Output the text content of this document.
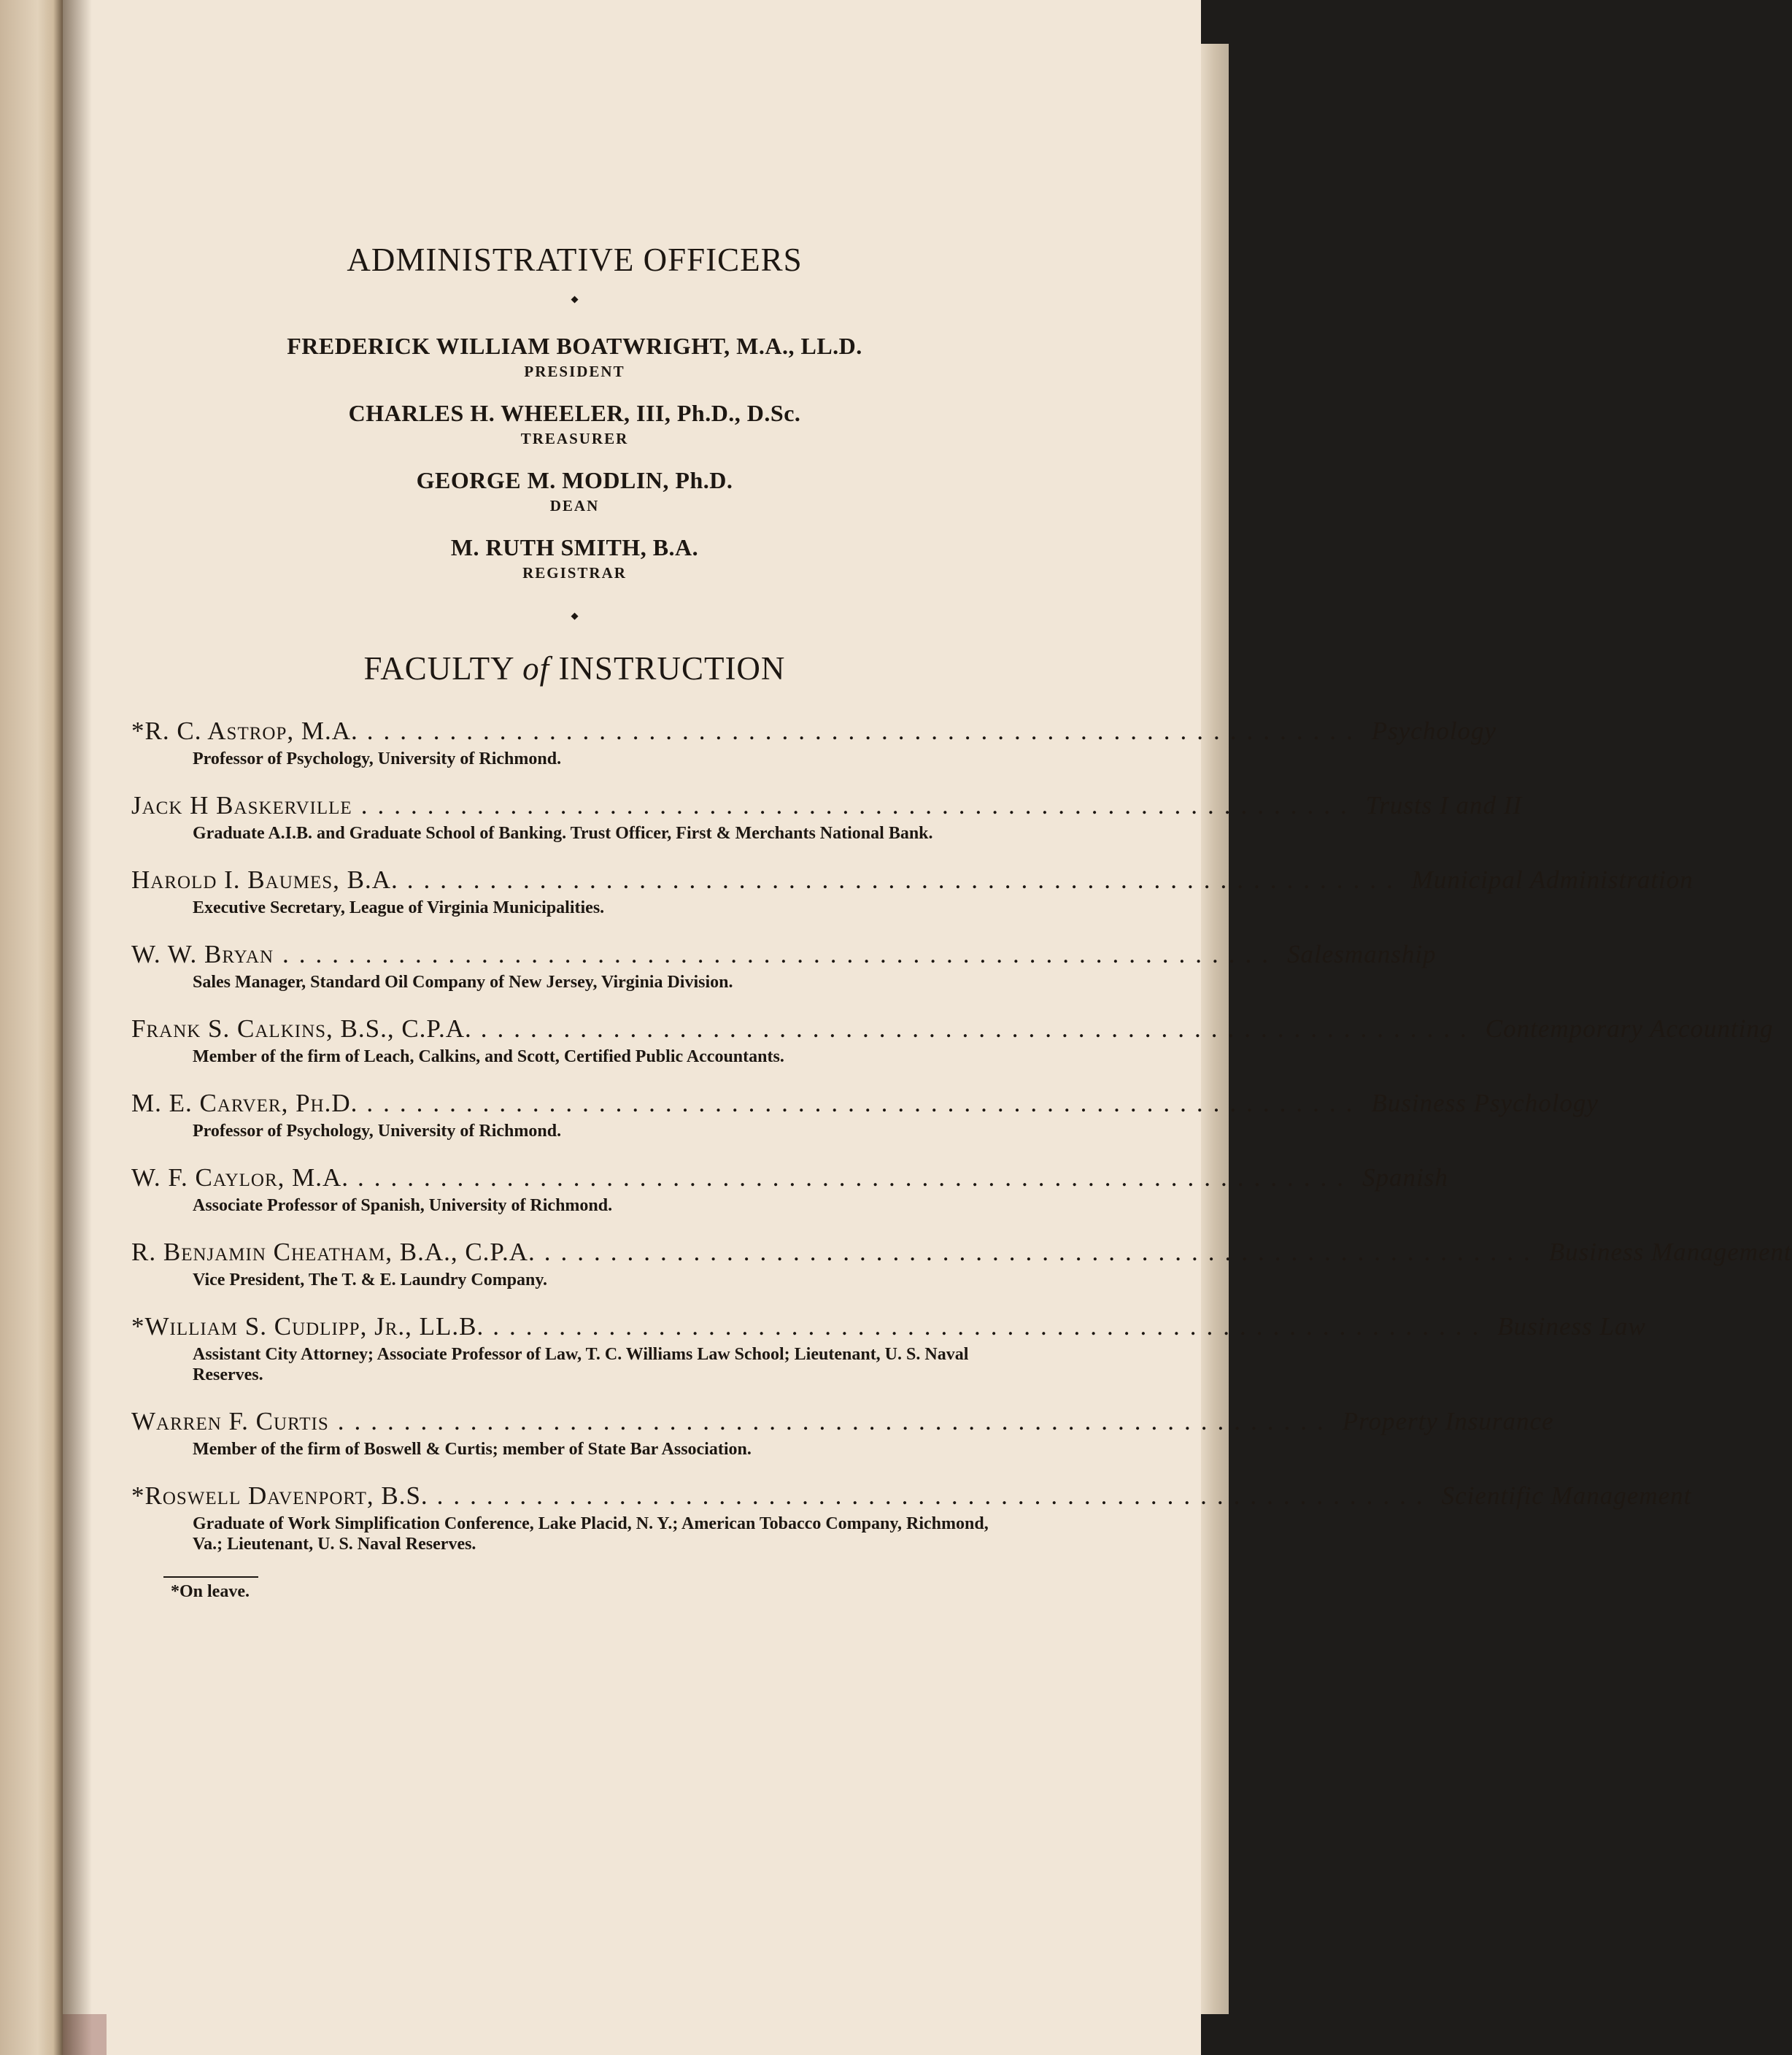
ADMINISTRATIVE OFFICERS
⬩
FREDERICK WILLIAM BOATWRIGHT, M.A., LL.D.
PRESIDENT
CHARLES H. WHEELER, III, Ph.D., D.Sc.
TREASURER
GEORGE M. MODLIN, Ph.D.
DEAN
M. RUTH SMITH, B.A.
REGISTRAR
⬩
FACULTY of INSTRUCTION
*R. C. Astrop, M.A. ............................................................ Psychology
Professor of Psychology, University of Richmond.
Jack H Baskerville ............................................................ Trusts I and II
Graduate A.I.B. and Graduate School of Banking. Trust Officer, First & Merchants National Bank.
Harold I. Baumes, B.A. ............................................................ Municipal Administration
Executive Secretary, League of Virginia Municipalities.
W. W. Bryan ............................................................ Salesmanship
Sales Manager, Standard Oil Company of New Jersey, Virginia Division.
Frank S. Calkins, B.S., C.P.A. ............................................................ Contemporary Accounting
Member of the firm of Leach, Calkins, and Scott, Certified Public Accountants.
M. E. Carver, Ph.D. ............................................................ Business Psychology
Professor of Psychology, University of Richmond.
W. F. Caylor, M.A. ............................................................ Spanish
Associate Professor of Spanish, University of Richmond.
R. Benjamin Cheatham, B.A., C.P.A. ............................................................ Business Management
Vice President, The T. & E. Laundry Company.
*William S. Cudlipp, Jr., LL.B. ............................................................ Business Law
Assistant City Attorney; Associate Professor of Law, T. C. Williams Law School; Lieutenant, U. S. Naval Reserves.
Warren F. Curtis ............................................................ Property Insurance
Member of the firm of Boswell & Curtis; member of State Bar Association.
*Roswell Davenport, B.S. ............................................................ Scientific Management
Graduate of Work Simplification Conference, Lake Placid, N. Y.; American Tobacco Company, Richmond, Va.; Lieutenant, U. S. Naval Reserves.
*On leave.
